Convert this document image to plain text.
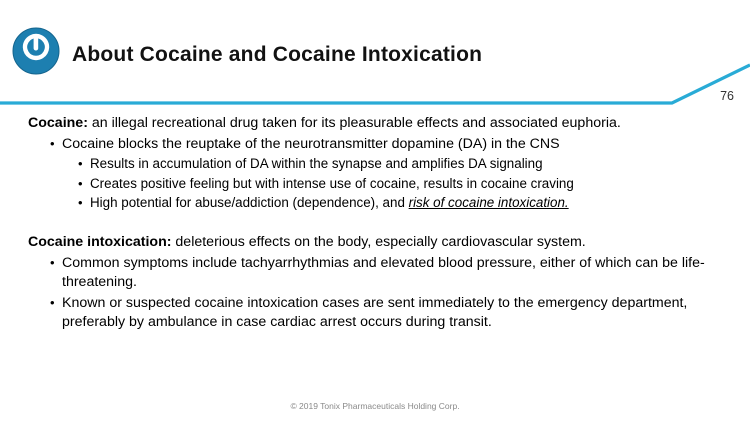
About Cocaine and Cocaine Intoxication
76
Cocaine: an illegal recreational drug taken for its pleasurable effects and associated euphoria.
• Cocaine blocks the reuptake of the neurotransmitter dopamine (DA) in the CNS
• Results in accumulation of DA within the synapse and amplifies DA signaling
• Creates positive feeling but with intense use of cocaine, results in cocaine craving
• High potential for abuse/addiction (dependence), and risk of cocaine intoxication.
Cocaine intoxication: deleterious effects on the body, especially cardiovascular system.
• Common symptoms include tachyarrhythmias and elevated blood pressure, either of which can be life-threatening.
• Known or suspected cocaine intoxication cases are sent immediately to the emergency department, preferably by ambulance in case cardiac arrest occurs during transit.
© 2019 Tonix Pharmaceuticals Holding Corp.
